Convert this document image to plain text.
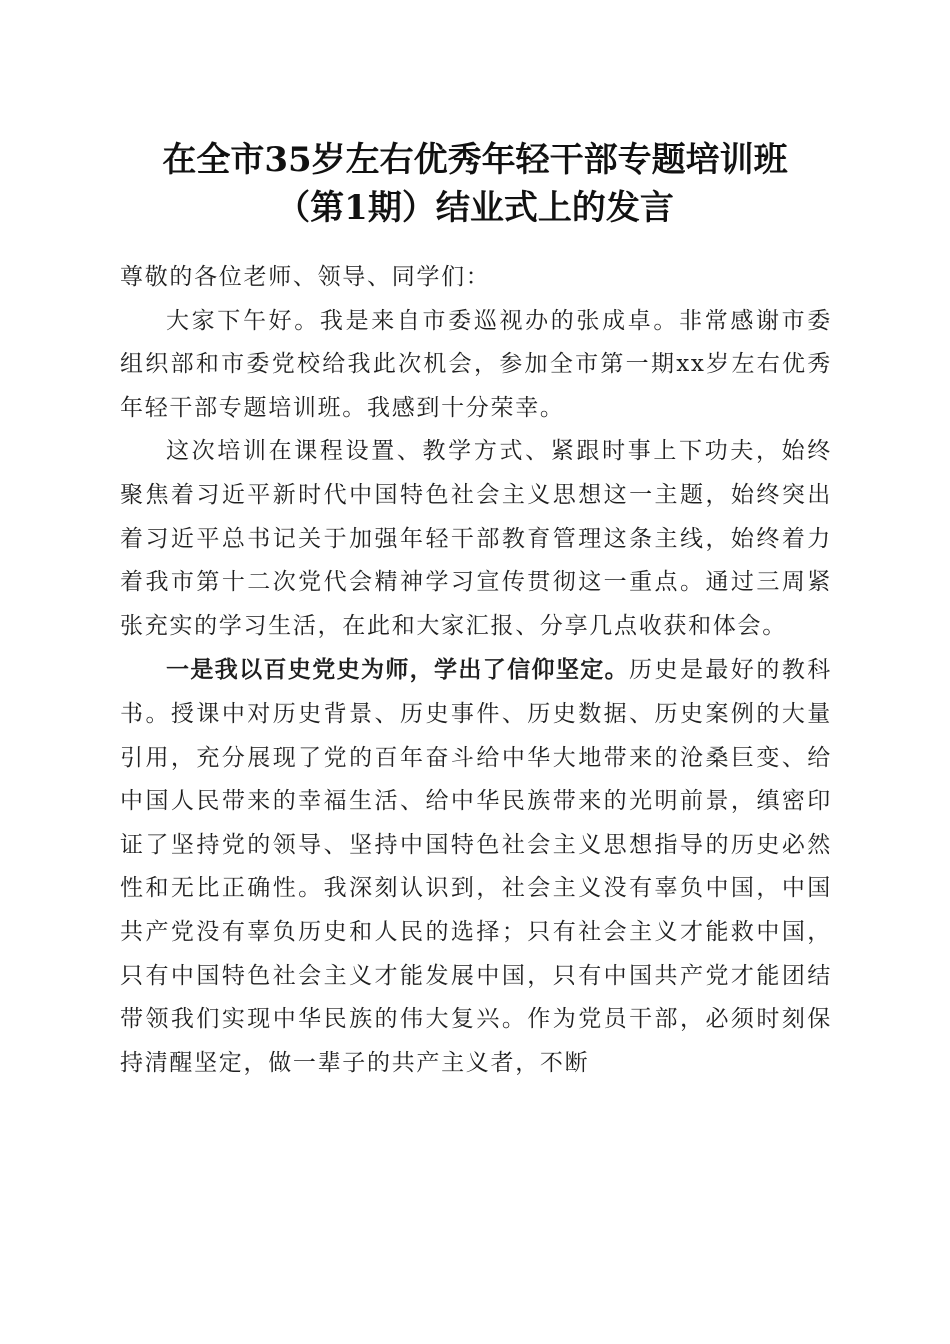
在全市35岁左右优秀年轻干部专题培训班
（第1期）结业式上的发言

尊敬的各位老师、领导、同学们：

大家下午好。我是来自市委巡视办的张成卓。非常感谢市委组织部和市委党校给我此次机会，参加全市第一期xx岁左右优秀年轻干部专题培训班。我感到十分荣幸。

这次培训在课程设置、教学方式、紧跟时事上下功夫，始终聚焦着习近平新时代中国特色社会主义思想这一主题，始终突出着习近平总书记关于加强年轻干部教育管理这条主线，始终着力着我市第十二次党代会精神学习宣传贯彻这一重点。通过三周紧张充实的学习生活，在此和大家汇报、分享几点收获和体会。

一是我以百史党史为师，学出了信仰坚定。历史是最好的教科书。授课中对历史背景、历史事件、历史数据、历史案例的大量引用，充分展现了党的百年奋斗给中华大地带来的沧桑巨变、给中国人民带来的幸福生活、给中华民族带来的光明前景，缜密印证了坚持党的领导、坚持中国特色社会主义思想指导的历史必然性和无比正确性。我深刻认识到，社会主义没有辜负中国，中国共产党没有辜负历史和人民的选择；只有社会主义才能救中国，只有中国特色社会主义才能发展中国，只有中国共产党才能团结带领我们实现中华民族的伟大复兴。作为党员干部，必须时刻保持清醒坚定，做一辈子的共产主义者，不断
